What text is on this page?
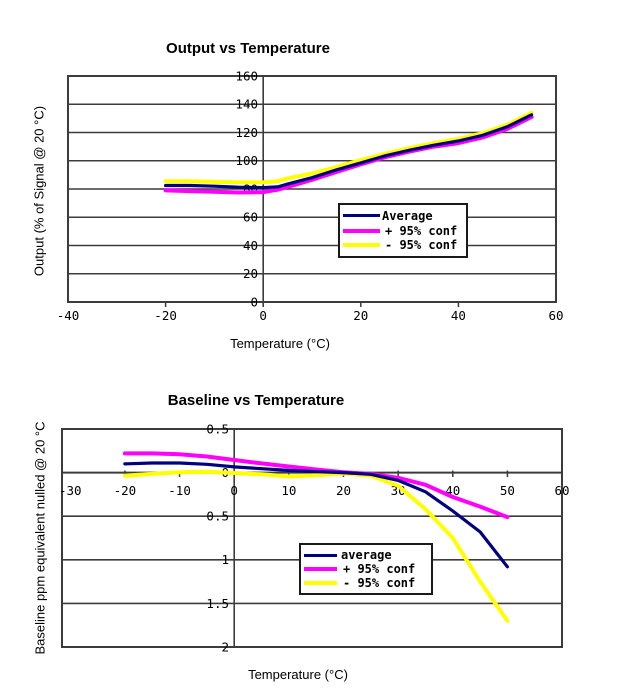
160
140
120
100
80
60
40
20
0
-40	-20	0	20	40	60
0.5
0
0.5
1
1.5
2
-30	-20	-10	0	10	20	30	40	50	60
Output vs Temperature
Output (% of Signal @ 20 °C)
Temperature (°C)
Average
+ 95% conf
- 95% conf
Baseline vs Temperature
Baseline ppm equivalent nulled @ 20 °C
Temperature (°C)
average
+ 95% conf
- 95% conf
